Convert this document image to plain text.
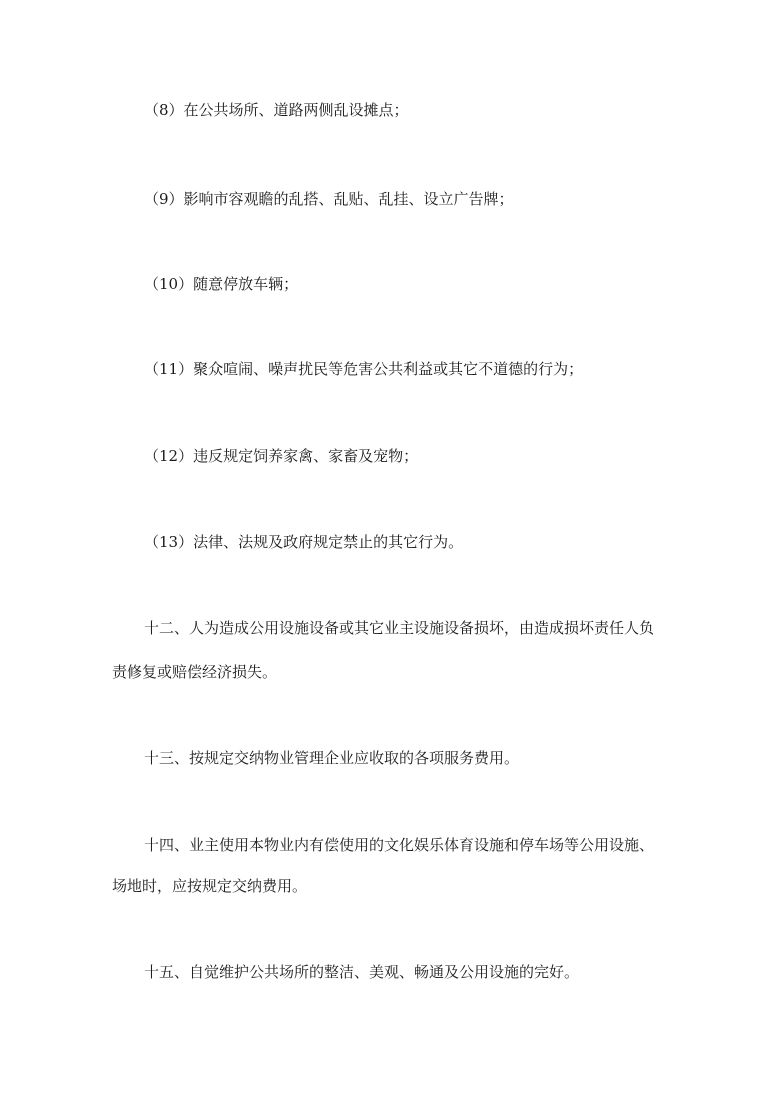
（8）在公共场所、道路两侧乱设摊点；
（9）影响市容观瞻的乱搭、乱贴、乱挂、设立广告牌；
（10）随意停放车辆；
（11）聚众喧闹、噪声扰民等危害公共利益或其它不道德的行为；
（12）违反规定饲养家禽、家畜及宠物；
（13）法律、法规及政府规定禁止的其它行为。
十二、人为造成公用设施设备或其它业主设施设备损坏，由造成损坏责任人负
责修复或赔偿经济损失。
十三、按规定交纳物业管理企业应收取的各项服务费用。
十四、业主使用本物业内有偿使用的文化娱乐体育设施和停车场等公用设施、
场地时，应按规定交纳费用。
十五、自觉维护公共场所的整洁、美观、畅通及公用设施的完好。
